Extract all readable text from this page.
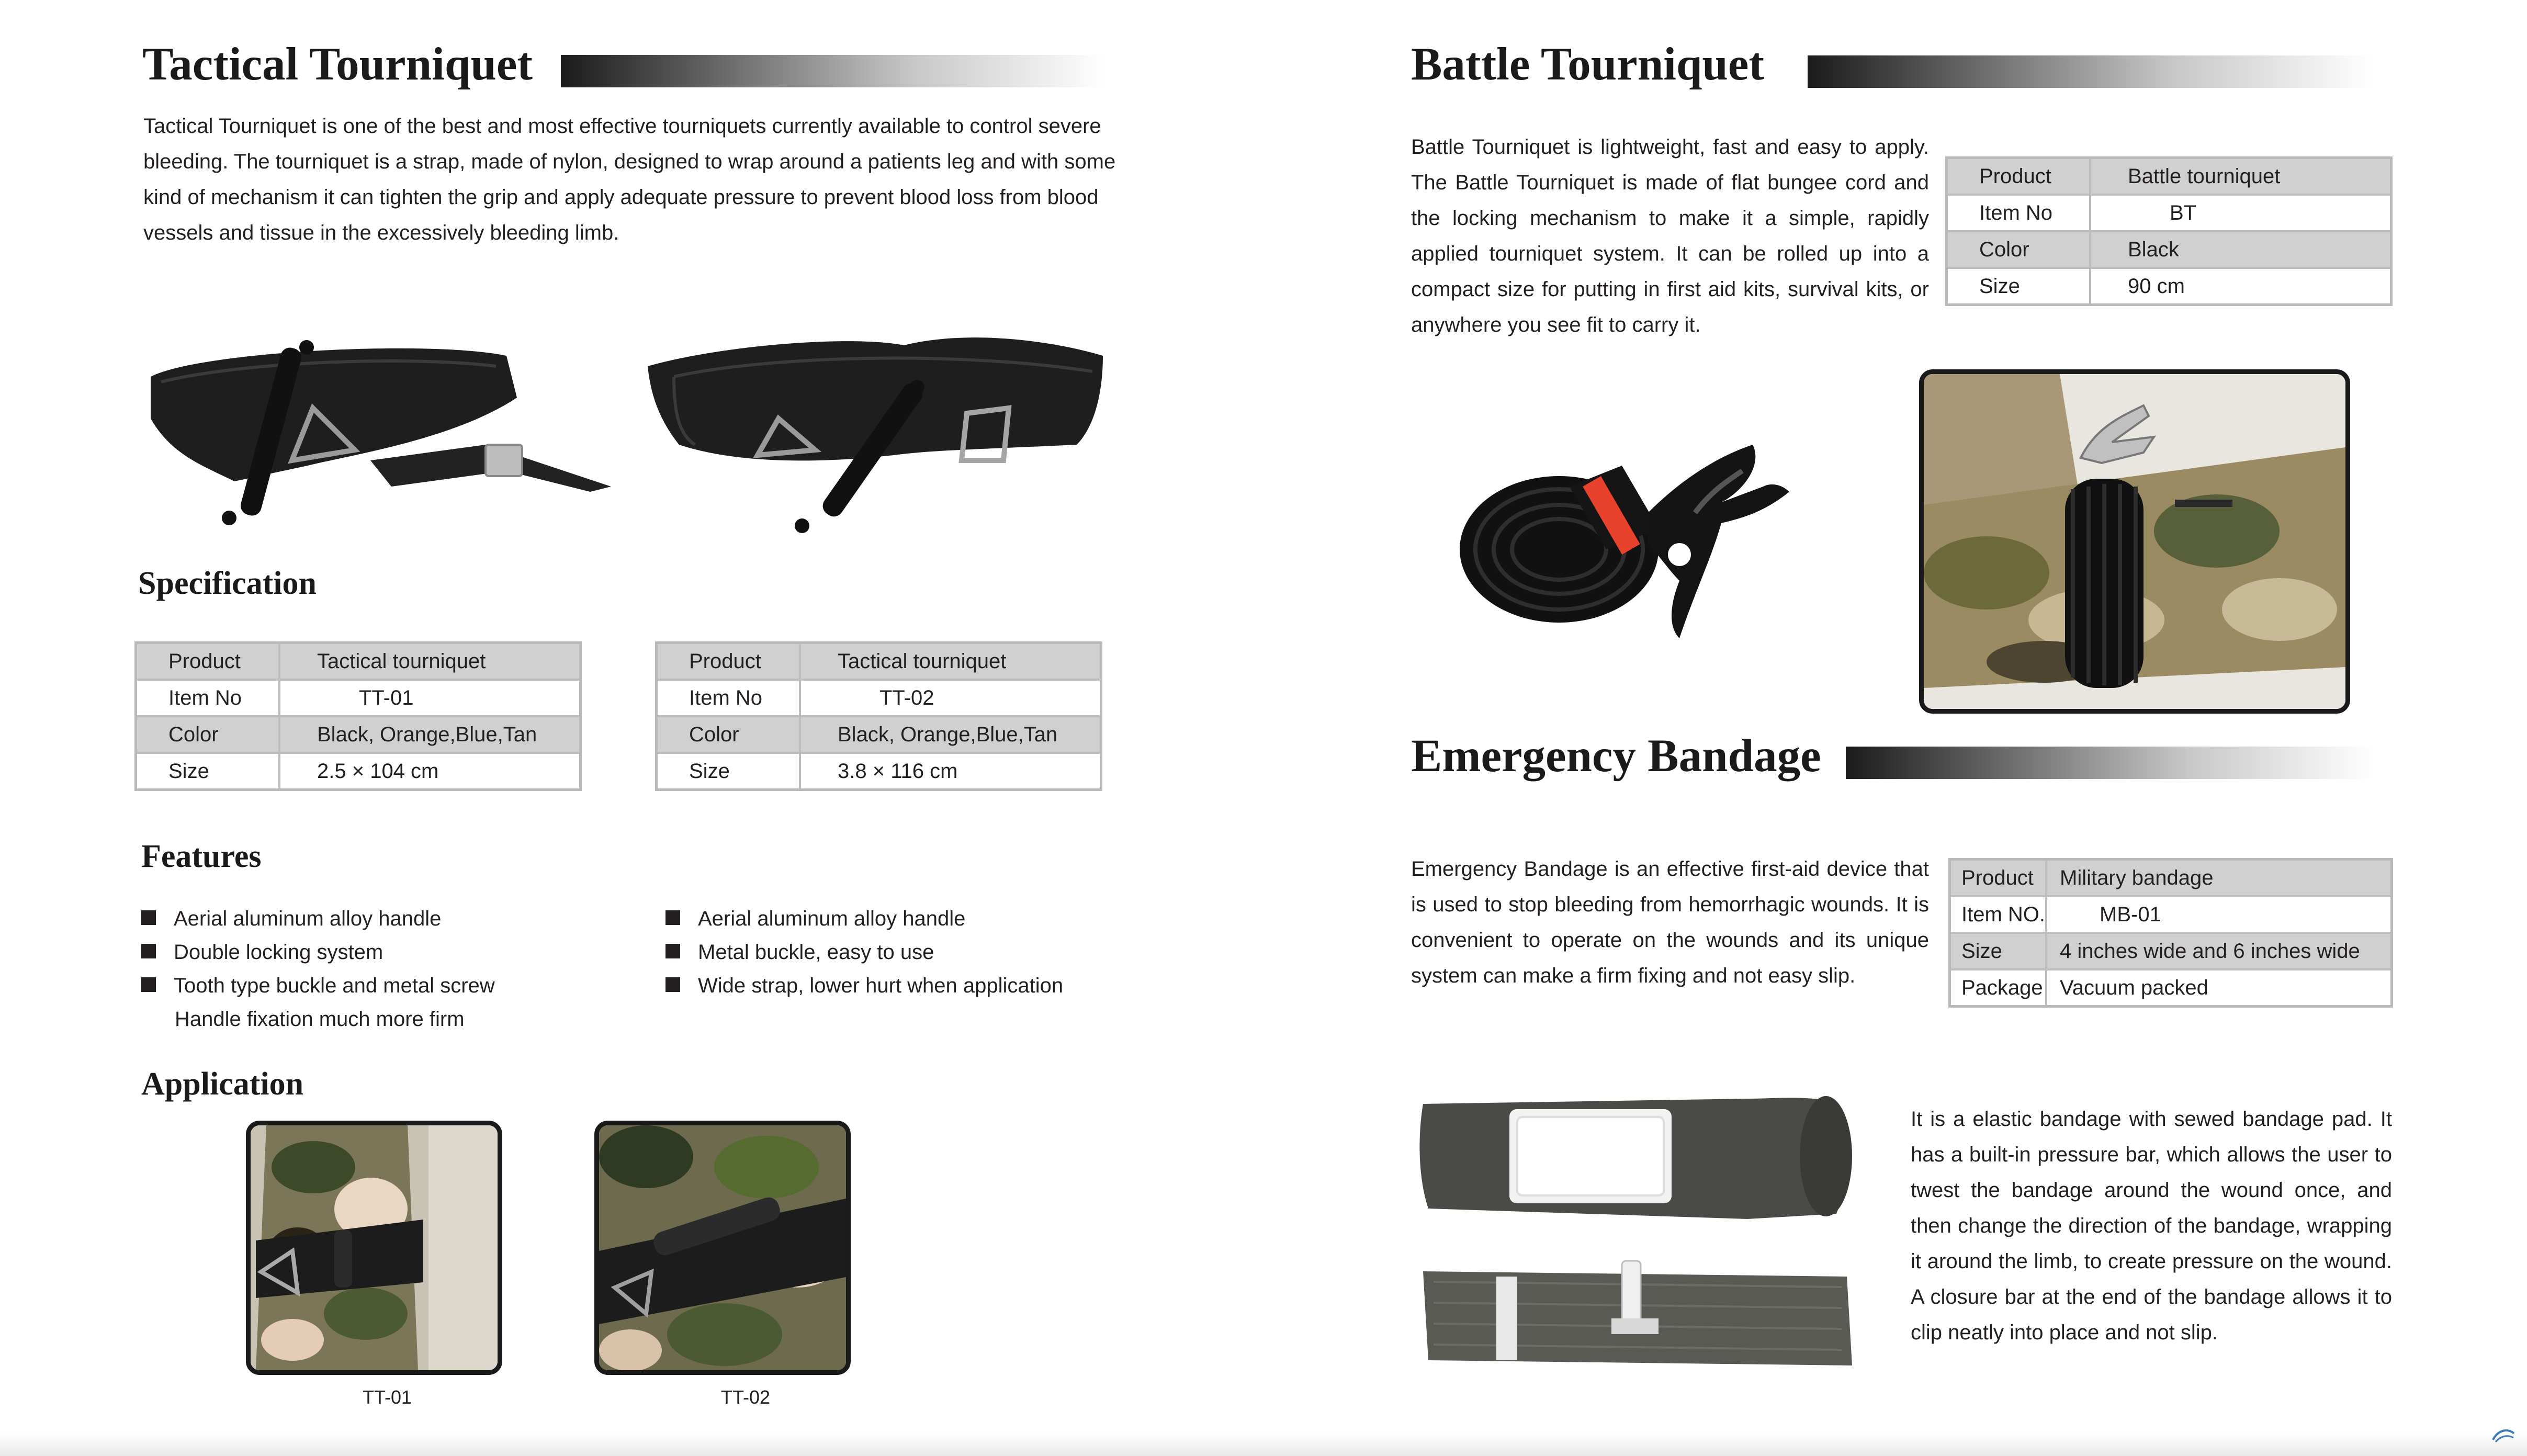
Tactical Tourniquet
Tactical Tourniquet is one of the best and most effective tourniquets currently available to control severe bleeding. The tourniquet is a strap, made of nylon, designed to wrap around a patients leg and with some kind of mechanism it can tighten the grip and apply adequate pressure to prevent blood loss from blood vessels and tissue in the excessively bleeding limb.
Specification
Product	Tactical tourniquet
Item No	TT-01
Color	Black, Orange,Blue,Tan
Size	2.5 × 104 cm
Product	Tactical tourniquet
Item No	TT-02
Color	Black, Orange,Blue,Tan
Size	3.8 × 116 cm
Features
Aerial aluminum alloy handle
Double locking system
Tooth type buckle and metal screw
Handle fixation much more firm
Aerial aluminum alloy handle
Metal buckle, easy to use
Wide strap, lower hurt when application
Application
TT-01	TT-02
Battle Tourniquet
Battle Tourniquet is lightweight, fast and easy to apply. The Battle Tourniquet is made of flat bungee cord and the locking mechanism to make it a simple, rapidly applied tourniquet system. It can be rolled up into a compact size for putting in first aid kits, survival kits, or anywhere you see fit to carry it.
Product	Battle tourniquet
Item No	BT
Color	Black
Size	90 cm
Emergency Bandage
Emergency Bandage is an effective first-aid device that is used to stop bleeding from hemorrhagic wounds. It is convenient to operate on the wounds and its unique system can make a firm fixing and not easy slip.
Product	Military bandage
Item NO.	MB-01
Size	4 inches wide and 6 inches wide
Package	Vacuum packed
It is a elastic bandage with sewed bandage pad. It has a built-in pressure bar, which allows the user to twest the bandage around the wound once, and then change the direction of the bandage, wrapping it around the limb, to create pressure on the wound. A closure bar at the end of the bandage allows it to clip neatly into place and not slip.
